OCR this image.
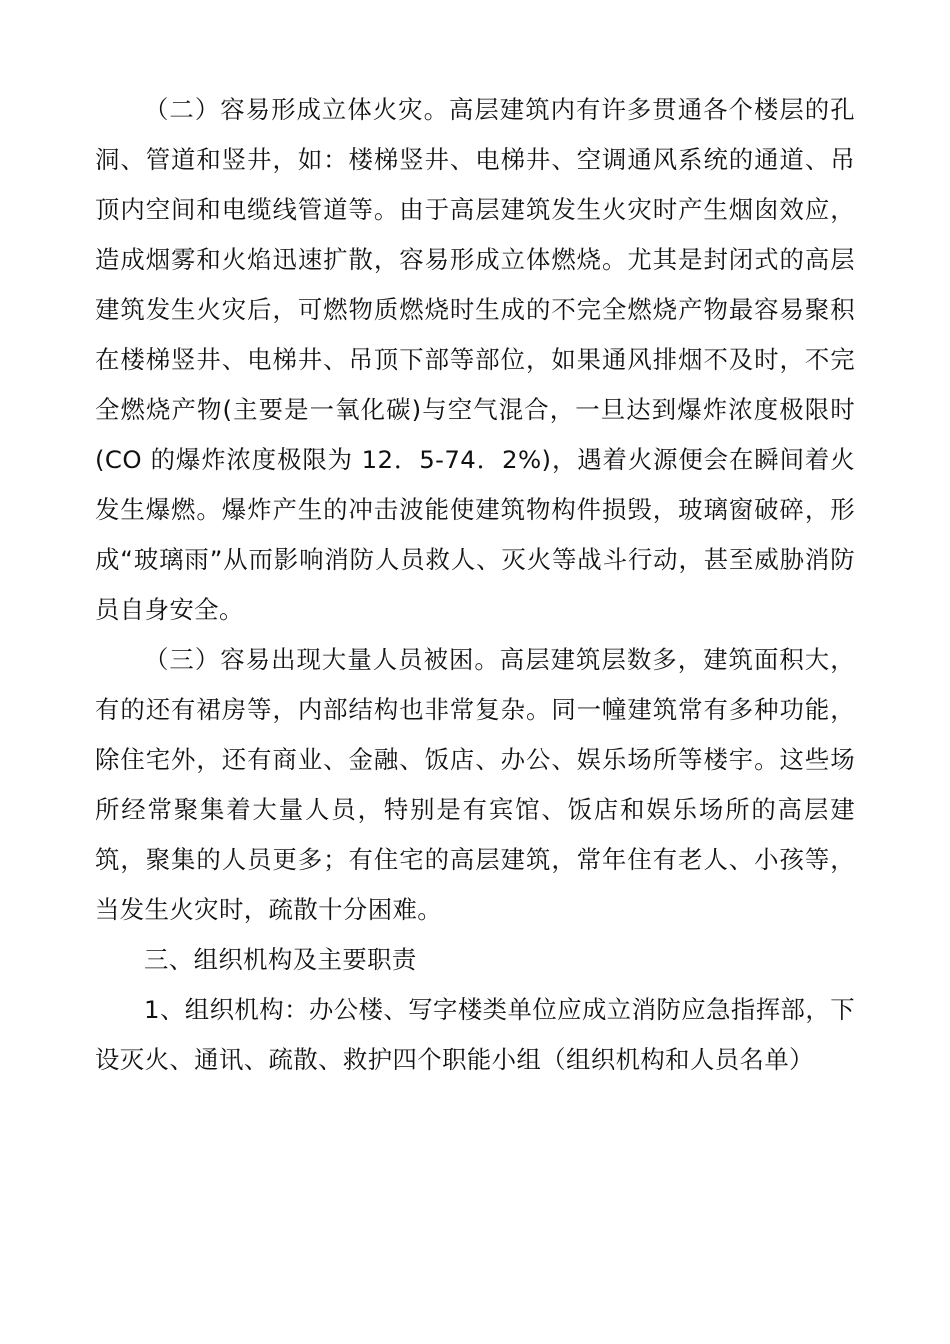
（二）容易形成立体火灾。高层建筑内有许多贯通各个楼层的孔洞、管道和竖井，如：楼梯竖井、电梯井、空调通风系统的通道、吊顶内空间和电缆线管道等。由于高层建筑发生火灾时产生烟囱效应，造成烟雾和火焰迅速扩散，容易形成立体燃烧。尤其是封闭式的高层建筑发生火灾后，可燃物质燃烧时生成的不完全燃烧产物最容易聚积在楼梯竖井、电梯井、吊顶下部等部位，如果通风排烟不及时，不完全燃烧产物(主要是一氧化碳)与空气混合，一旦达到爆炸浓度极限时(CO 的爆炸浓度极限为 12．5-74．2%)，遇着火源便会在瞬间着火发生爆燃。爆炸产生的冲击波能使建筑物构件损毁，玻璃窗破碎，形成“玻璃雨”从而影响消防人员救人、灭火等战斗行动，甚至威胁消防员自身安全。

（三）容易出现大量人员被困。高层建筑层数多，建筑面积大，有的还有裙房等，内部结构也非常复杂。同一幢建筑常有多种功能，除住宅外，还有商业、金融、饭店、办公、娱乐场所等楼宇。这些场所经常聚集着大量人员，特别是有宾馆、饭店和娱乐场所的高层建筑，聚集的人员更多；有住宅的高层建筑，常年住有老人、小孩等，当发生火灾时，疏散十分困难。

三、组织机构及主要职责

1、组织机构：办公楼、写字楼类单位应成立消防应急指挥部，下设灭火、通讯、疏散、救护四个职能小组（组织机构和人员名单）
